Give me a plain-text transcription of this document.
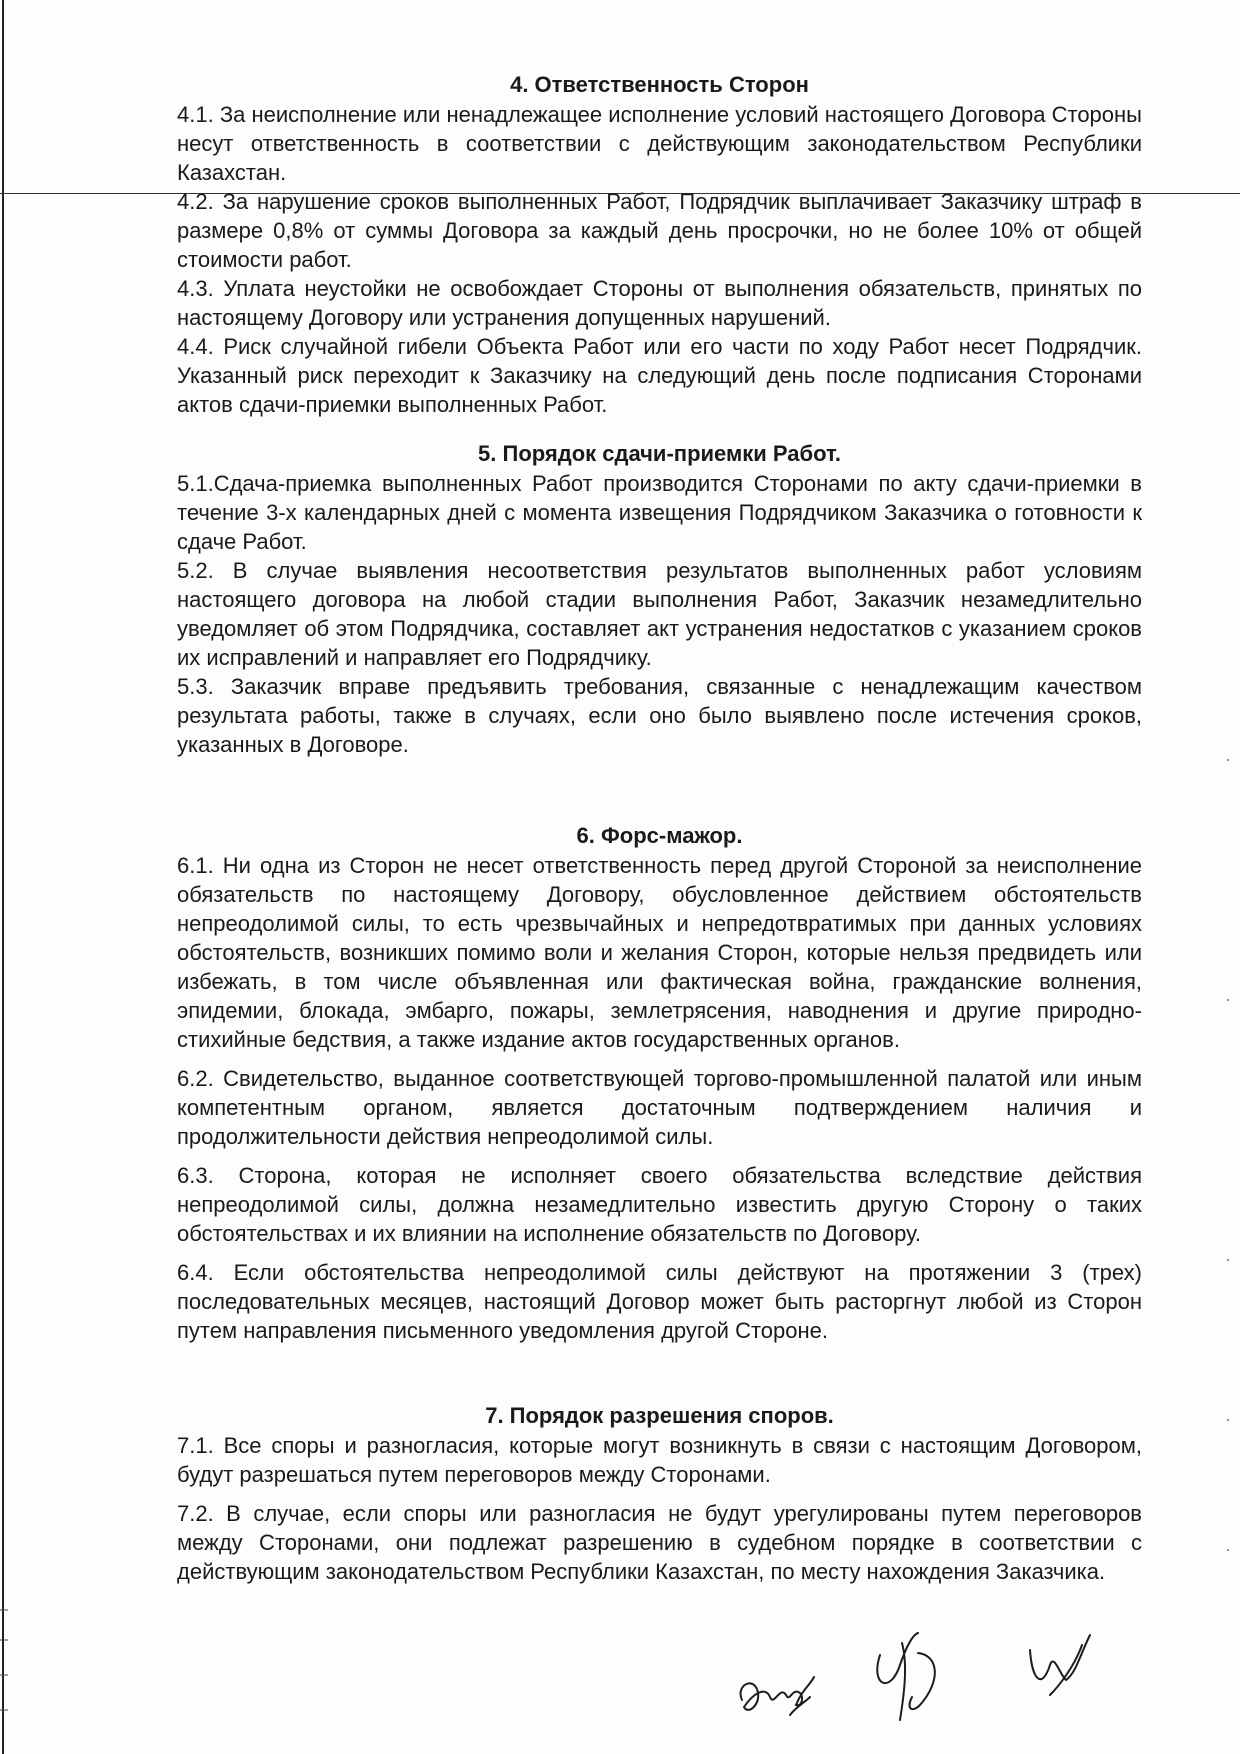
4. Ответственность Сторон

4.1. За неисполнение или ненадлежащее исполнение условий настоящего Договора Стороны несут ответственность в соответствии с действующим законодательством Республики Казахстан.

4.2. За нарушение сроков выполненных Работ, Подрядчик выплачивает Заказчику штраф в размере 0,8% от суммы Договора за каждый день просрочки, но не более 10% от общей стоимости работ.

4.3. Уплата неустойки не освобождает Стороны от выполнения обязательств, принятых по настоящему Договору или устранения допущенных нарушений.

4.4. Риск случайной гибели Объекта Работ или его части по ходу Работ несет Подрядчик. Указанный риск переходит к Заказчику на следующий день после подписания Сторонами актов сдачи-приемки выполненных Работ.

5. Порядок сдачи-приемки Работ.

5.1.Сдача-приемка выполненных Работ производится Сторонами по акту сдачи-приемки в течение 3-х календарных дней с момента извещения Подрядчиком Заказчика о готовности к сдаче Работ.

5.2. В случае выявления несоответствия результатов выполненных работ условиям настоящего договора на любой стадии выполнения Работ, Заказчик незамедлительно уведомляет об этом Подрядчика, составляет акт устранения недостатков с указанием сроков их исправлений и направляет его Подрядчику.

5.3. Заказчик вправе предъявить требования, связанные с ненадлежащим качеством результата работы, также в случаях, если оно было выявлено после истечения сроков, указанных в Договоре.

6. Форс-мажор.

6.1. Ни одна из Сторон не несет ответственность перед другой Стороной за неисполнение обязательств по настоящему Договору, обусловленное действием обстоятельств непреодолимой силы, то есть чрезвычайных и непредотвратимых при данных условиях обстоятельств, возникших помимо воли и желания Сторон, которые нельзя предвидеть или избежать, в том числе объявленная или фактическая война, гражданские волнения, эпидемии, блокада, эмбарго, пожары, землетрясения, наводнения и другие природно-стихийные бедствия, а также издание актов государственных органов.

6.2. Свидетельство, выданное соответствующей торгово-промышленной палатой или иным компетентным органом, является достаточным подтверждением наличия и продолжительности действия непреодолимой силы.

6.3. Сторона, которая не исполняет своего обязательства вследствие действия непреодолимой силы, должна незамедлительно известить другую Сторону о таких обстоятельствах и их влиянии на исполнение обязательств по Договору.

6.4. Если обстоятельства непреодолимой силы действуют на протяжении 3 (трех) последовательных месяцев, настоящий Договор может быть расторгнут любой из Сторон путем направления письменного уведомления другой Стороне.

7. Порядок разрешения споров.

7.1. Все споры и разногласия, которые могут возникнуть в связи с настоящим Договором, будут разрешаться путем переговоров между Сторонами.

7.2. В случае, если споры или разногласия не будут урегулированы путем переговоров между Сторонами, они подлежат разрешению в судебном порядке в соответствии с действующим законодательством Республики Казахстан, по месту нахождения Заказчика.
